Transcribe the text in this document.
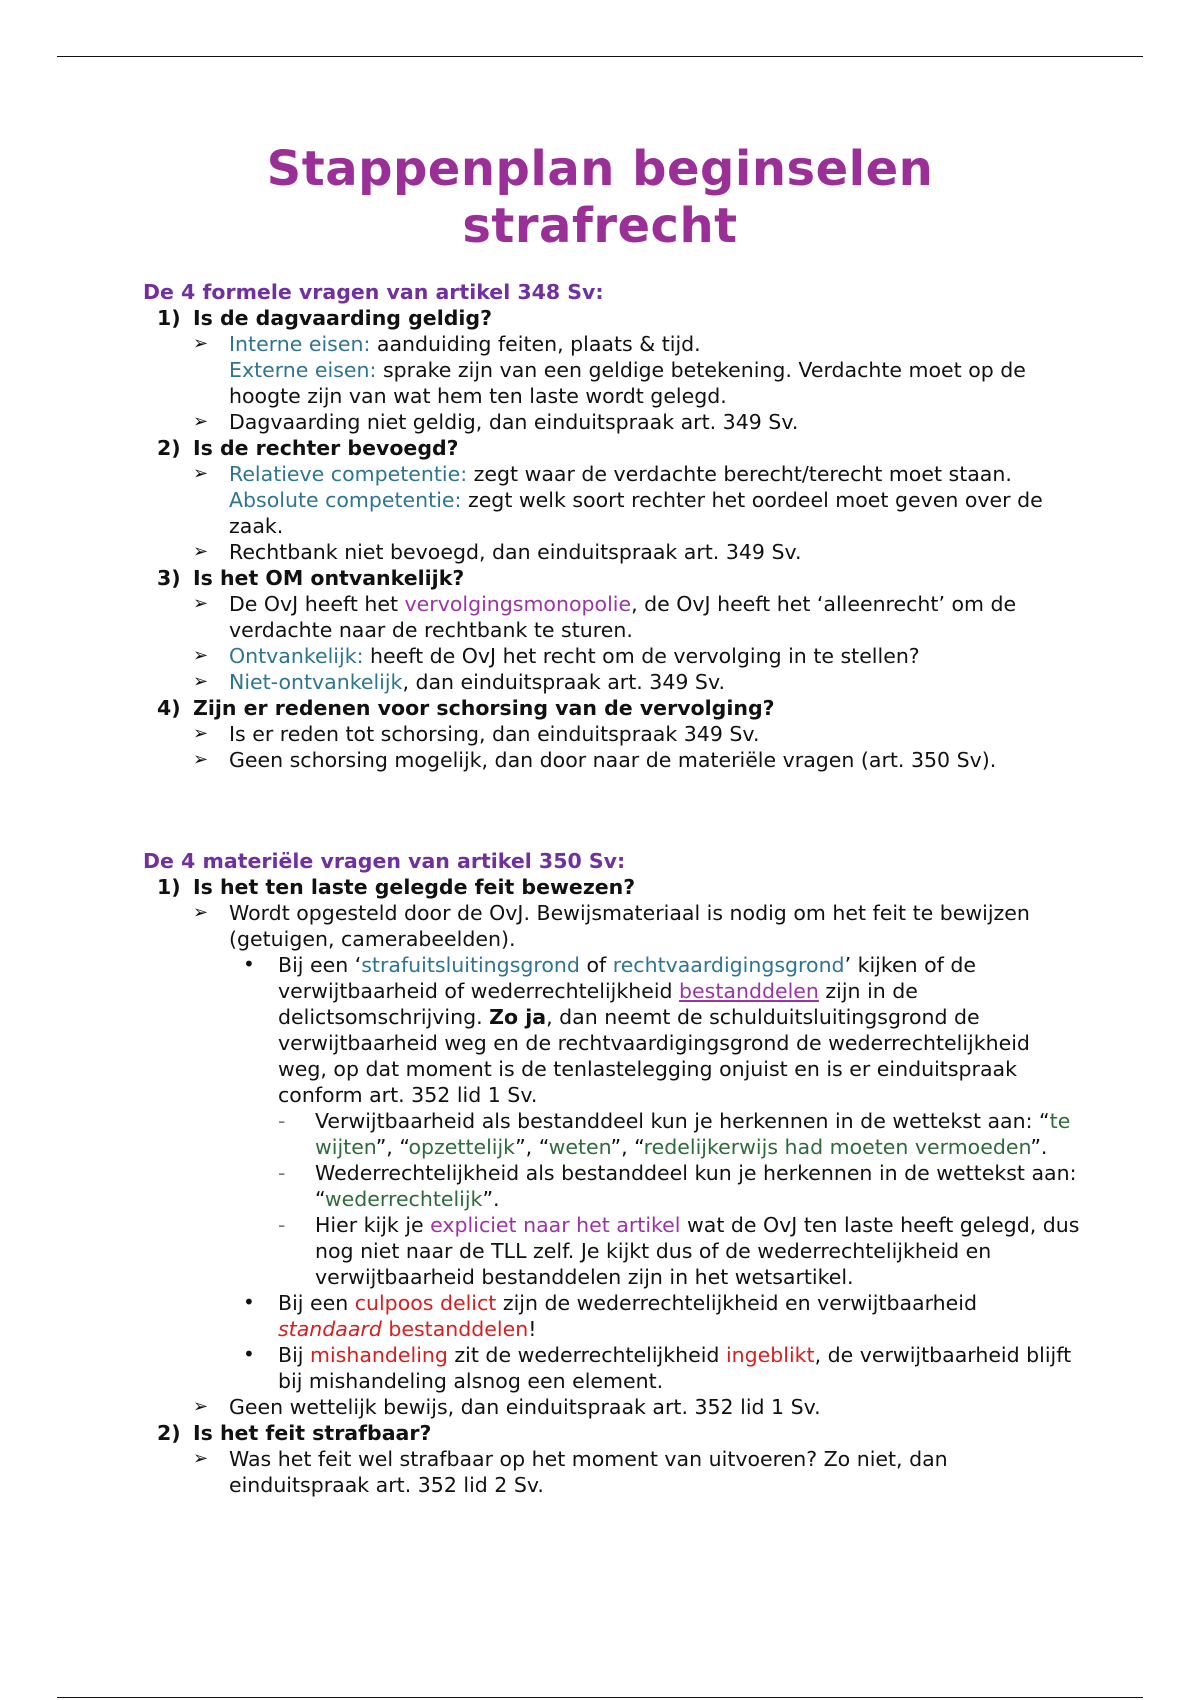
Stappenplan beginselen
strafrecht

De 4 formele vragen van artikel 348 Sv:

1) Is de dagvaarding geldig?

➢ Interne eisen: aanduiding feiten, plaats & tijd.

Externe eisen: sprake zijn van een geldige betekening. Verdachte moet op de hoogte zijn van wat hem ten laste wordt gelegd.

➢ Dagvaarding niet geldig, dan einduitspraak art. 349 Sv.

2) Is de rechter bevoegd?

➢ Relatieve competentie: zegt waar de verdachte berecht/terecht moet staan.

Absolute competentie: zegt welk soort rechter het oordeel moet geven over de zaak.

➢ Rechtbank niet bevoegd, dan einduitspraak art. 349 Sv.

3) Is het OM ontvankelijk?

➢ De OvJ heeft het vervolgingsmonopolie, de OvJ heeft het ‘alleenrecht’ om de verdachte naar de rechtbank te sturen.

➢ Ontvankelijk: heeft de OvJ het recht om de vervolging in te stellen?

➢ Niet-ontvankelijk, dan einduitspraak art. 349 Sv.

4) Zijn er redenen voor schorsing van de vervolging?

➢ Is er reden tot schorsing, dan einduitspraak 349 Sv.

➢ Geen schorsing mogelijk, dan door naar de materiële vragen (art. 350 Sv).

De 4 materiële vragen van artikel 350 Sv:

1) Is het ten laste gelegde feit bewezen?

➢ Wordt opgesteld door de OvJ. Bewijsmateriaal is nodig om het feit te bewijzen (getuigen, camerabeelden).

• Bij een ‘strafuitsluitingsgrond of rechtvaardigingsgrond’ kijken of de verwijtbaarheid of wederrechtelijkheid bestanddelen zijn in de delictsomschrijving. Zo ja, dan neemt de schulduitsluitingsgrond de verwijtbaarheid weg en de rechtvaardigingsgrond de wederrechtelijkheid weg, op dat moment is de tenlastelegging onjuist en is er einduitspraak conform art. 352 lid 1 Sv.

- Verwijtbaarheid als bestanddeel kun je herkennen in de wettekst aan: “te wijten”, “opzettelijk”, “weten”, “redelijkerwijs had moeten vermoeden”.

- Wederrechtelijkheid als bestanddeel kun je herkennen in de wettekst aan: “wederrechtelijk”.

- Hier kijk je expliciet naar het artikel wat de OvJ ten laste heeft gelegd, dus nog niet naar de TLL zelf. Je kijkt dus of de wederrechtelijkheid en verwijtbaarheid bestanddelen zijn in het wetsartikel.

• Bij een culpoos delict zijn de wederrechtelijkheid en verwijtbaarheid standaard bestanddelen!

• Bij mishandeling zit de wederrechtelijkheid ingeblikt, de verwijtbaarheid blijft bij mishandeling alsnog een element.

➢ Geen wettelijk bewijs, dan einduitspraak art. 352 lid 1 Sv.

2) Is het feit strafbaar?

➢ Was het feit wel strafbaar op het moment van uitvoeren? Zo niet, dan einduitspraak art. 352 lid 2 Sv.
